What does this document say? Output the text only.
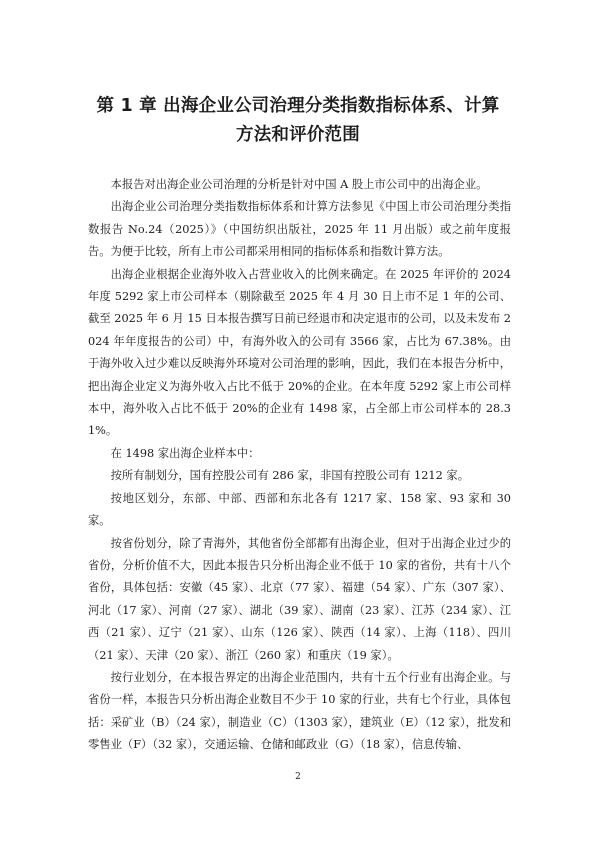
第 1 章 出海企业公司治理分类指数指标体系、计算
方法和评价范围

本报告对出海企业公司治理的分析是针对中国 A 股上市公司中的出海企业。

出海企业公司治理分类指数指标体系和计算方法参见《中国上市公司治理分类指数报告 No.24（2025）》（中国纺织出版社，2025 年 11 月出版）或之前年度报告。为便于比较，所有上市公司都采用相同的指标体系和指数计算方法。

出海企业根据企业海外收入占营业收入的比例来确定。在 2025 年评价的 2024 年度 5292 家上市公司样本（剔除截至 2025 年 4 月 30 日上市不足 1 年的公司、截至 2025 年 6 月 15 日本报告撰写日前已经退市和决定退市的公司，以及未发布 2024 年年度报告的公司）中，有海外收入的公司有 3566 家，占比为 67.38%。由于海外收入过少难以反映海外环境对公司治理的影响，因此，我们在本报告分析中，把出海企业定义为海外收入占比不低于 20%的企业。在本年度 5292 家上市公司样本中，海外收入占比不低于 20%的企业有 1498 家，占全部上市公司样本的 28.31%。

在 1498 家出海企业样本中：

按所有制划分，国有控股公司有 286 家，非国有控股公司有 1212 家。

按地区划分，东部、中部、西部和东北各有 1217 家、158 家、93 家和 30 家。

按省份划分，除了青海外，其他省份全部都有出海企业，但对于出海企业过少的省份，分析价值不大，因此本报告只分析出海企业不低于 10 家的省份，共有十八个省份，具体包括：安徽（45 家）、北京（77 家）、福建（54 家）、广东（307 家）、河北（17 家）、河南（27 家）、湖北（39 家）、湖南（23 家）、江苏（234 家）、江西（21 家）、辽宁（21 家）、山东（126 家）、陕西（14 家）、上海（118）、四川（21 家）、天津（20 家）、浙江（260 家）和重庆（19 家）。

按行业划分，在本报告界定的出海企业范围内，共有十五个行业有出海企业。与省份一样，本报告只分析出海企业数目不少于 10 家的行业，共有七个行业，具体包括：采矿业（B）（24 家），制造业（C）（1303 家），建筑业（E）（12 家），批发和零售业（F）（32 家），交通运输、仓储和邮政业（G）（18 家），信息传输、

2
